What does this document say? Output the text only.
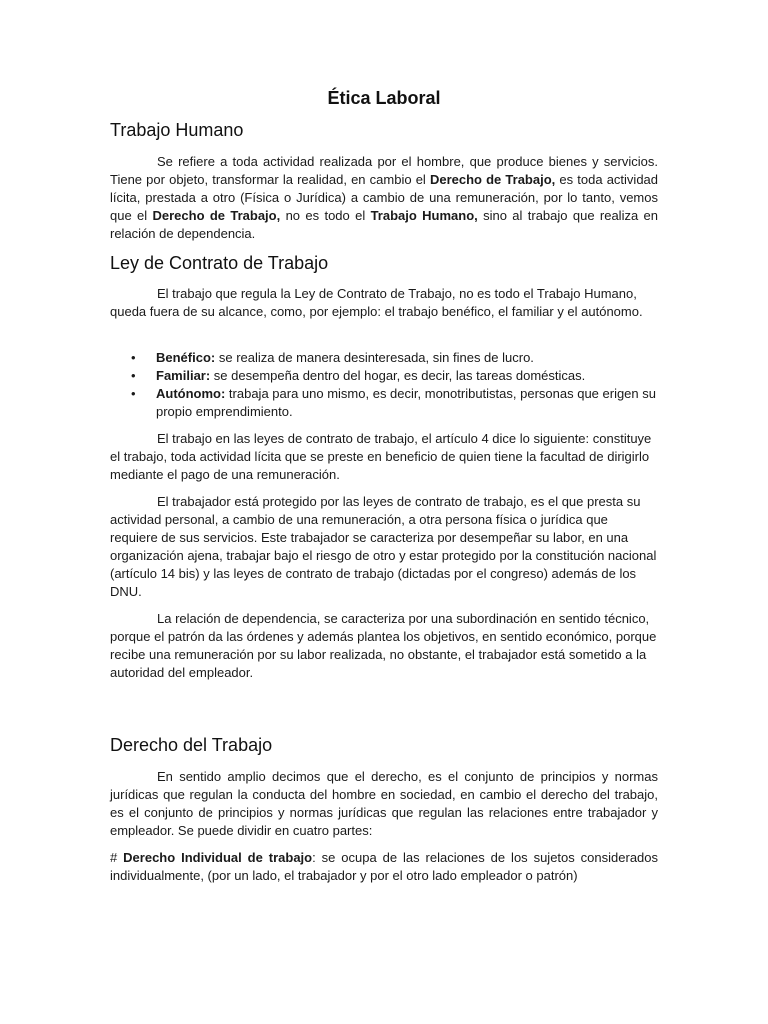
Ética Laboral
Trabajo Humano
Se refiere a toda actividad realizada por el hombre, que produce bienes y servicios. Tiene por objeto, transformar la realidad, en cambio el Derecho de Trabajo, es toda actividad lícita, prestada a otro (Física o Jurídica) a cambio de una remuneración, por lo tanto, vemos que el Derecho de Trabajo, no es todo el Trabajo Humano, sino al trabajo que realiza en relación de dependencia.
Ley de Contrato de Trabajo
El trabajo que regula la Ley de Contrato de Trabajo, no es todo el Trabajo Humano, queda fuera de su alcance, como, por ejemplo: el trabajo benéfico, el familiar y el autónomo.
• Benéfico: se realiza de manera desinteresada, sin fines de lucro.
• Familiar: se desempeña dentro del hogar, es decir, las tareas domésticas.
• Autónomo: trabaja para uno mismo, es decir, monotributistas, personas que erigen su propio emprendimiento.
El trabajo en las leyes de contrato de trabajo, el artículo 4 dice lo siguiente: constituye el trabajo, toda actividad lícita que se preste en beneficio de quien tiene la facultad de dirigirlo mediante el pago de una remuneración.
El trabajador está protegido por las leyes de contrato de trabajo, es el que presta su actividad personal, a cambio de una remuneración, a otra persona física o jurídica que requiere de sus servicios. Este trabajador se caracteriza por desempeñar su labor, en una organización ajena, trabajar bajo el riesgo de otro y estar protegido por la constitución nacional (artículo 14 bis) y las leyes de contrato de trabajo (dictadas por el congreso) además de los DNU.
La relación de dependencia, se caracteriza por una subordinación en sentido técnico, porque el patrón da las órdenes y además plantea los objetivos, en sentido económico, porque recibe una remuneración por su labor realizada, no obstante, el trabajador está sometido a la autoridad del empleador.
Derecho del Trabajo
En sentido amplio decimos que el derecho, es el conjunto de principios y normas jurídicas que regulan la conducta del hombre en sociedad, en cambio el derecho del trabajo, es el conjunto de principios y normas jurídicas que regulan las relaciones entre trabajador y empleador. Se puede dividir en cuatro partes:
# Derecho Individual de trabajo: se ocupa de las relaciones de los sujetos considerados individualmente, (por un lado, el trabajador y por el otro lado empleador o patrón)
